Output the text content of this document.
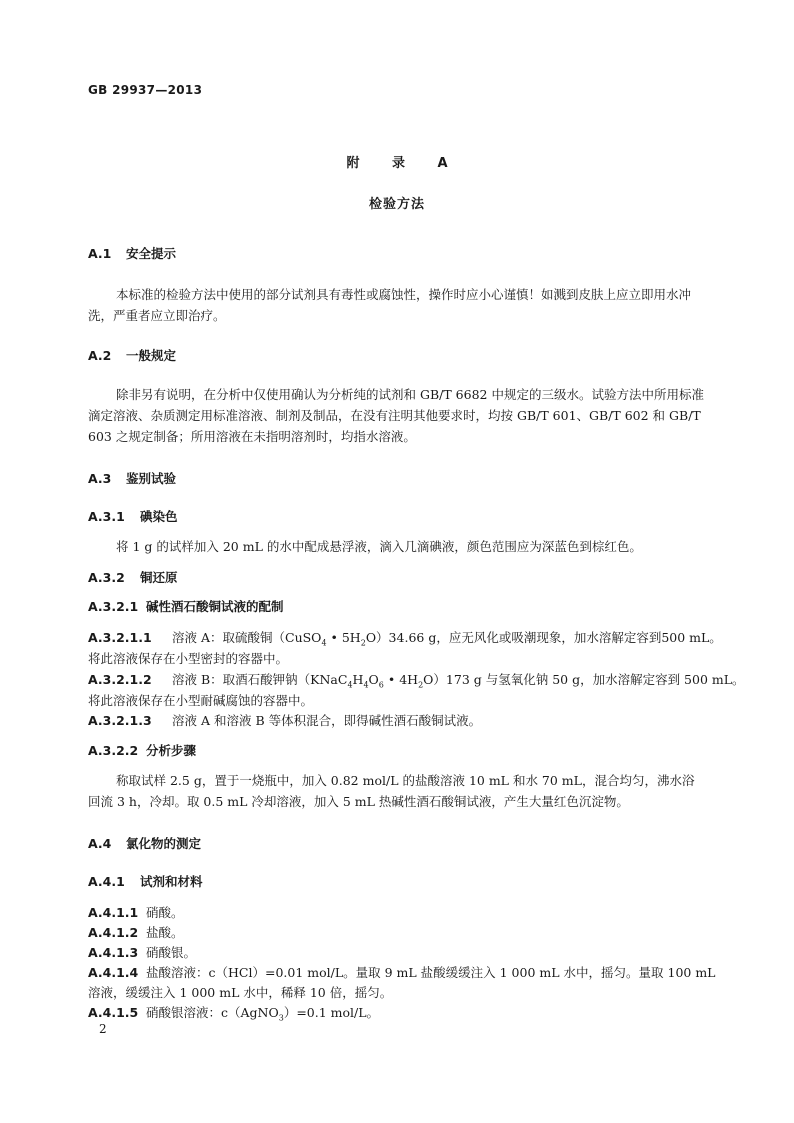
GB 29937—2013
附 录 A
检验方法
A.1 安全提示
本标准的检验方法中使用的部分试剂具有毒性或腐蚀性，操作时应小心谨慎！如溅到皮肤上应立即用水冲洗，严重者应立即治疗。
A.2 一般规定
除非另有说明，在分析中仅使用确认为分析纯的试剂和 GB/T 6682 中规定的三级水。试验方法中所用标准滴定溶液、杂质测定用标准溶液、制剂及制品，在没有注明其他要求时，均按 GB/T 601、GB/T 602 和 GB/T 603 之规定制备；所用溶液在未指明溶剂时，均指水溶液。
A.3 鉴别试验
A.3.1 碘染色
将 1 g 的试样加入 20 mL 的水中配成悬浮液，滴入几滴碘液，颜色范围应为深蓝色到棕红色。
A.3.2 铜还原
A.3.2.1 碱性酒石酸铜试液的配制
A.3.2.1.1 溶液 A：取硫酸铜（CuSO$_4$ • $5H_2O)34.66$ g，应无风化或吸潮现象，加水溶解定容到500 mL。
将此溶液保存在小型密封的容器中。
A.3.2.1.2 溶液 B：取酒石酸钾钠（$KNaC_4H_4O_6$ • $4H_2O)173$ g 与氢氧化钠 50 g，加水溶解定容到 500 mL。
将此溶液保存在小型耐碱腐蚀的容器中。
A.3.2.1.3 溶液 A 和溶液 B 等体积混合，即得碱性酒石酸铜试液。
A.3.2.2 分析步骤
称取试样 2.5 g，置于一烧瓶中，加入 0.82 mol/L 的盐酸溶液 10 mL 和水 70 mL，混合均匀，沸水浴回流 3 h，冷却。取 0.5 mL 冷却溶液，加入 5 mL 热碱性酒石酸铜试液，产生大量红色沉淀物。
A.4 氯化物的测定
A.4.1 试剂和材料
A.4.1.1 硝酸。
A.4.1.2 盐酸。
A.4.1.3 硝酸银。
A.4.1.4 盐酸溶液：c（HCl）=0.01 mol/L。量取 9 mL 盐酸缓缓注入 1 000 mL 水中，摇匀。量取 100 mL
溶液，缓缓注入 1 000 mL 水中，稀释 10 倍，摇匀。
A.4.1.5 硝酸银溶液：c（AgNO$_3$）=0.1 mol/L。
2
